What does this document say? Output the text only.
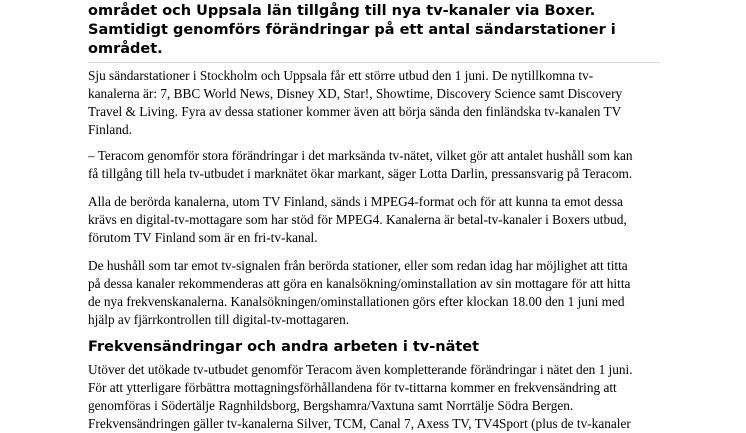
området och Uppsala län tillgång till nya tv-kanaler via Boxer.
Samtidigt genomförs förändringar på ett antal sändarstationer i
området.

Sju sändarstationer i Stockholm och Uppsala får ett större utbud den 1 juni. De nytillkomna tv-
kanalerna är: 7, BBC World News, Disney XD, Star!, Showtime, Discovery Science samt Discovery
Travel & Living. Fyra av dessa stationer kommer även att börja sända den finländska tv-kanalen TV
Finland.

– Teracom genomför stora förändringar i det marksända tv-nätet, vilket gör att antalet hushåll som kan
få tillgång till hela tv-utbudet i marknätet ökar markant, säger Lotta Darlin, pressansvarig på Teracom.

Alla de berörda kanalerna, utom TV Finland, sänds i MPEG4-format och för att kunna ta emot dessa
krävs en digital-tv-mottagare som har stöd för MPEG4. Kanalerna är betal-tv-kanaler i Boxers utbud,
förutom TV Finland som är en fri-tv-kanal.

De hushåll som tar emot tv-signalen från berörda stationer, eller som redan idag har möjlighet att titta
på dessa kanaler rekommenderas att göra en kanalsökning/ominstallation av sin mottagare för att hitta
de nya frekvenskanalerna. Kanalsökningen/ominstallationen görs efter klockan 18.00 den 1 juni med
hjälp av fjärrkontrollen till digital-tv-mottagaren.

Frekvensändringar och andra arbeten i tv-nätet

Utöver det utökade tv-utbudet genomför Teracom även kompletterande förändringar i nätet den 1 juni.
För att ytterligare förbättra mottagningsförhållandena för tv-tittarna kommer en frekvensändring att
genomföras i Södertälje Ragnhildsborg, Bergshamra/Vaxtuna samt Norrtälje Södra Bergen.
Frekvensändringen gäller tv-kanalerna Silver, TCM, Canal 7, Axess TV, TV4Sport (plus de tv-kanaler
